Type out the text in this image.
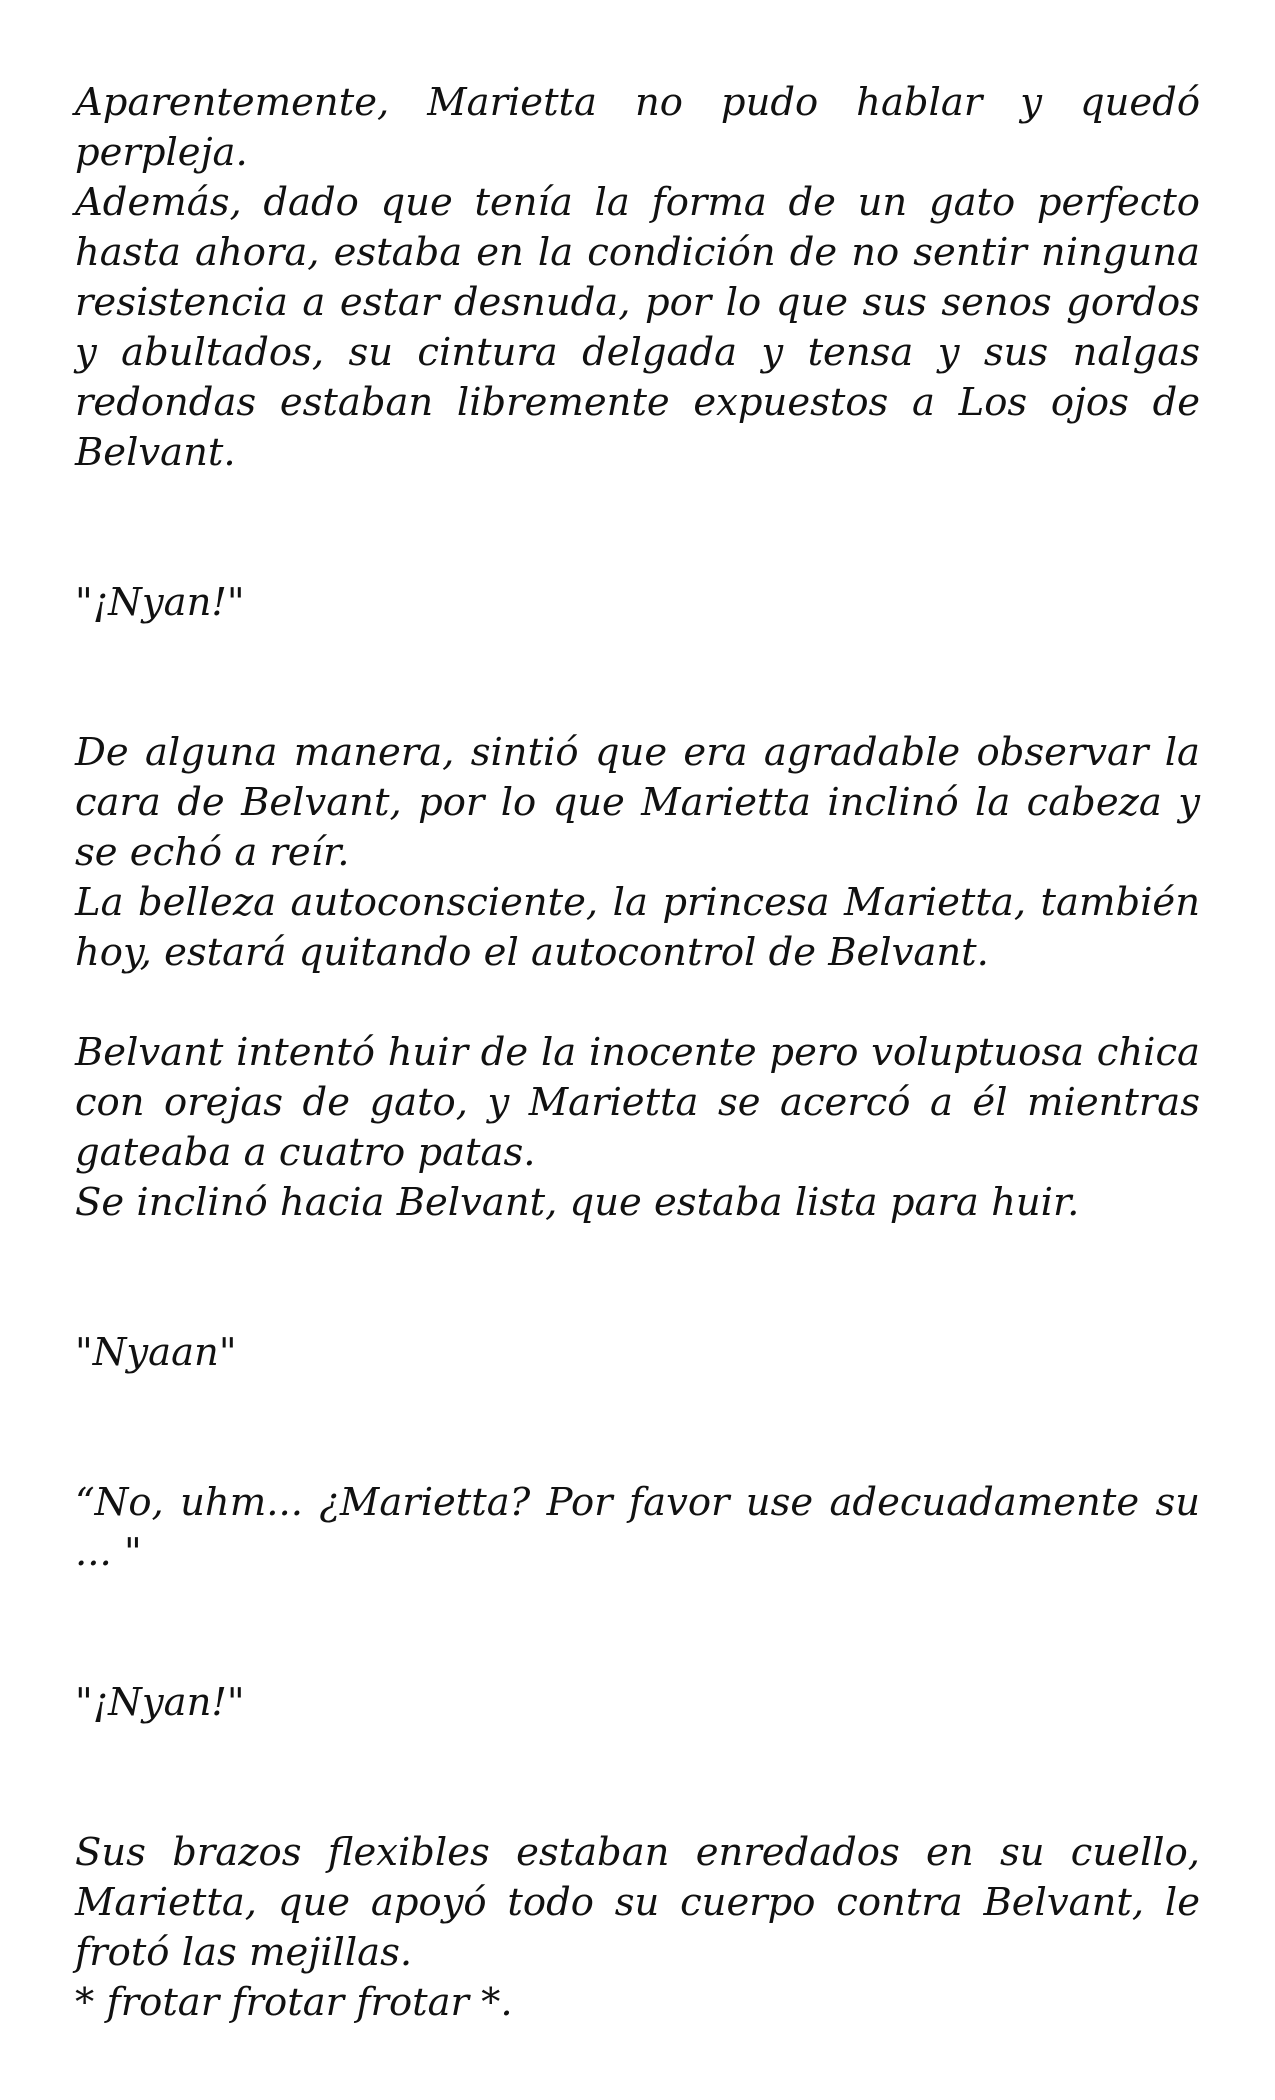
Aparentemente, Marietta no pudo hablar y quedó perpleja.

Además, dado que tenía la forma de un gato perfecto hasta ahora, estaba en la condición de no sentir ninguna resistencia a estar desnuda, por lo que sus senos gordos y abultados, su cintura delgada y tensa y sus nalgas redondas estaban libremente expuestos a Los ojos de Belvant.

"¡Nyan!"

De alguna manera, sintió que era agradable observar la cara de Belvant, por lo que Marietta inclinó la cabeza y se echó a reír.

La belleza autoconsciente, la princesa Marietta, también hoy, estará quitando el autocontrol de Belvant.

Belvant intentó huir de la inocente pero voluptuosa chica con orejas de gato, y Marietta se acercó a él mientras gateaba a cuatro patas.

Se inclinó hacia Belvant, que estaba lista para huir.

"Nyaan"

“No, uhm... ¿Marietta? Por favor use adecuadamente su ... "

"¡Nyan!"

Sus brazos flexibles estaban enredados en su cuello, Marietta, que apoyó todo su cuerpo contra Belvant, le frotó las mejillas.

* frotar frotar frotar *.
